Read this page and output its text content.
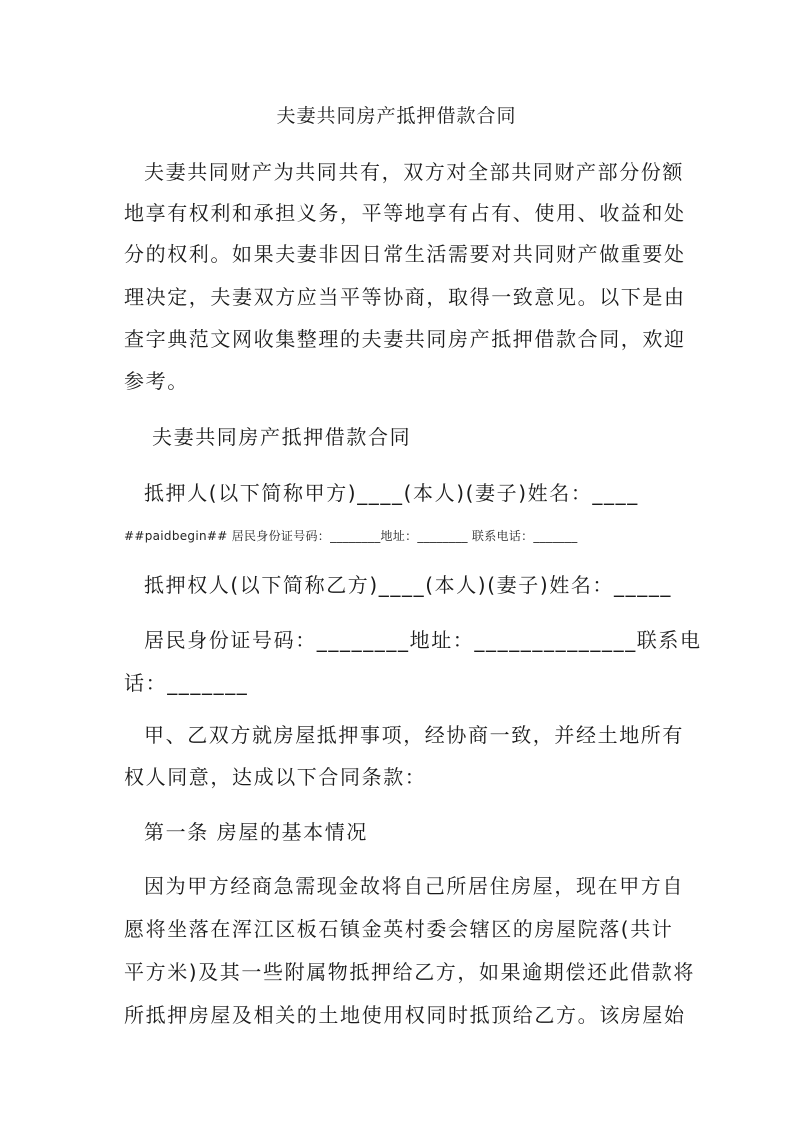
夫妻共同房产抵押借款合同

夫妻共同财产为共同共有，双方对全部共同财产部分份额

地享有权利和承担义务，平等地享有占有、使用、收益和处

分的权利。如果夫妻非因日常生活需要对共同财产做重要处

理决定，夫妻双方应当平等协商，取得一致意见。以下是由

查字典范文网收集整理的夫妻共同房产抵押借款合同，欢迎

参考。

夫妻共同房产抵押借款合同

抵押人(以下简称甲方)____(本人)(妻子)姓名：____

##paidbegin## 居民身份证号码：________地址：________ 联系电话：_______

抵押权人(以下简称乙方)____(本人)(妻子)姓名：_____

居民身份证号码：________地址：______________联系电

话：_______

甲、乙双方就房屋抵押事项，经协商一致，并经土地所有

权人同意，达成以下合同条款：

第一条 房屋的基本情况

因为甲方经商急需现金故将自己所居住房屋，现在甲方自

愿将坐落在浑江区板石镇金英村委会辖区的房屋院落(共计

平方米)及其一些附属物抵押给乙方，如果逾期偿还此借款将

所抵押房屋及相关的土地使用权同时抵顶给乙方。该房屋始
